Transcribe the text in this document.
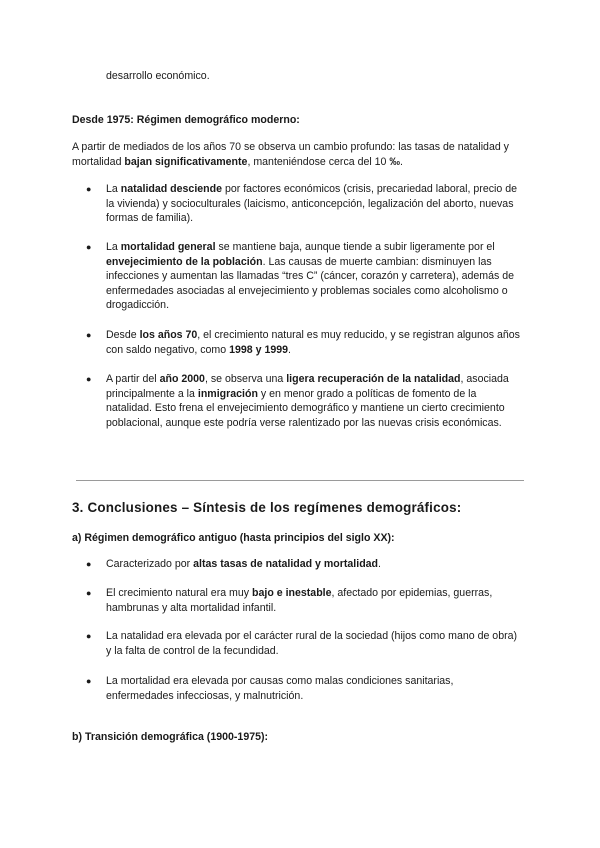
desarrollo económico.

Desde 1975: Régimen demográfico moderno:

A partir de mediados de los años 70 se observa un cambio profundo: las tasas de natalidad y mortalidad bajan significativamente, manteniéndose cerca del 10 ‰.

● La natalidad desciende por factores económicos (crisis, precariedad laboral, precio de la vivienda) y socioculturales (laicismo, anticoncepción, legalización del aborto, nuevas formas de familia).

● La mortalidad general se mantiene baja, aunque tiende a subir ligeramente por el envejecimiento de la población. Las causas de muerte cambian: disminuyen las infecciones y aumentan las llamadas “tres C” (cáncer, corazón y carretera), además de enfermedades asociadas al envejecimiento y problemas sociales como alcoholismo o drogadicción.

● Desde los años 70, el crecimiento natural es muy reducido, y se registran algunos años con saldo negativo, como 1998 y 1999.

● A partir del año 2000, se observa una ligera recuperación de la natalidad, asociada principalmente a la inmigración y en menor grado a políticas de fomento de la natalidad. Esto frena el envejecimiento demográfico y mantiene un cierto crecimiento poblacional, aunque este podría verse ralentizado por las nuevas crisis económicas.

3. Conclusiones – Síntesis de los regímenes demográficos:

a) Régimen demográfico antiguo (hasta principios del siglo XX):

● Caracterizado por altas tasas de natalidad y mortalidad.

● El crecimiento natural era muy bajo e inestable, afectado por epidemias, guerras, hambrunas y alta mortalidad infantil.

● La natalidad era elevada por el carácter rural de la sociedad (hijos como mano de obra) y la falta de control de la fecundidad.

● La mortalidad era elevada por causas como malas condiciones sanitarias, enfermedades infecciosas, y malnutrición.

b) Transición demográfica (1900-1975):
